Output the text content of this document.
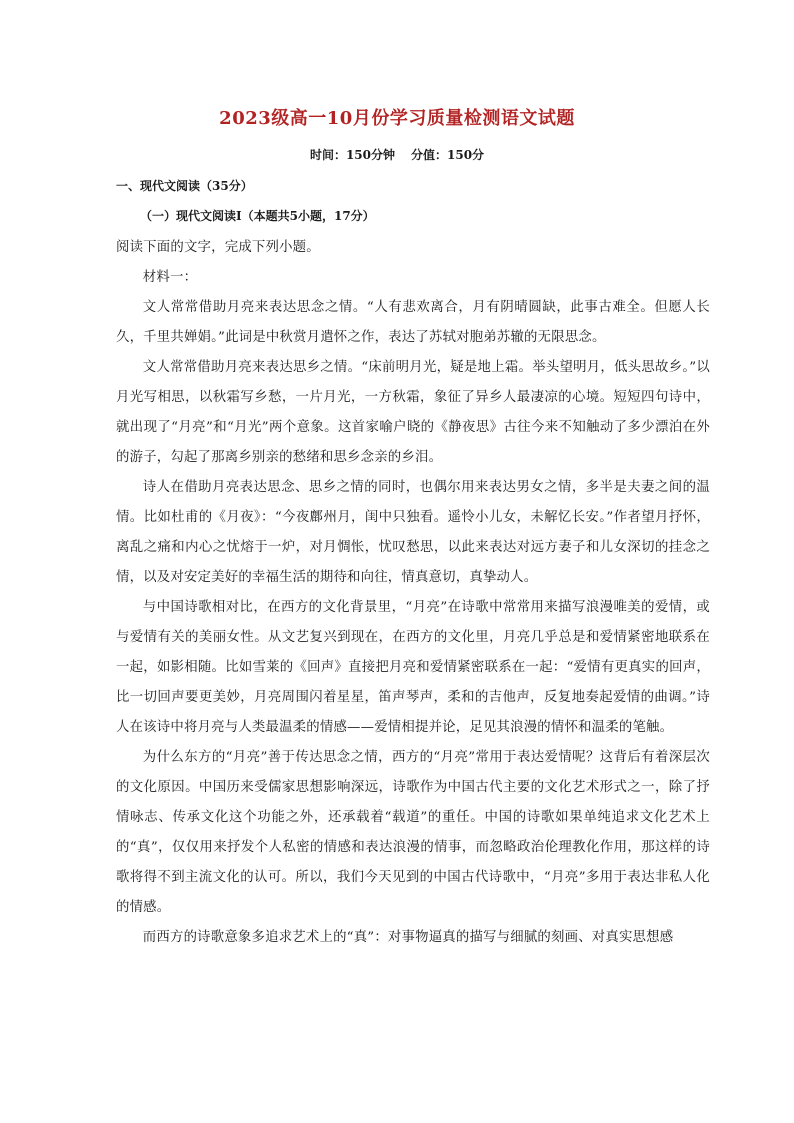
2023级高一10月份学习质量检测语文试题
时间：150分钟 分值：150分
一、现代文阅读（35分）
（一）现代文阅读Ⅰ（本题共5小题，17分）

阅读下面的文字，完成下列小题。

材料一：

文人常常借助月亮来表达思念之情。“人有悲欢离合，月有阴晴圆缺，此事古难全。但愿人长久，千里共婵娟。”此词是中秋赏月遣怀之作，表达了苏轼对胞弟苏辙的无限思念。

文人常常借助月亮来表达思乡之情。“床前明月光，疑是地上霜。举头望明月，低头思故乡。”以月光写相思，以秋霜写乡愁，一片月光，一方秋霜，象征了异乡人最凄凉的心境。短短四句诗中，就出现了“月亮”和“月光”两个意象。这首家喻户晓的《静夜思》古往今来不知触动了多少漂泊在外的游子，勾起了那离乡别亲的愁绪和思乡念亲的乡泪。

诗人在借助月亮表达思念、思乡之情的同时，也偶尔用来表达男女之情，多半是夫妻之间的温情。比如杜甫的《月夜》：“今夜鄜州月，闺中只独看。遥怜小儿女，未解忆长安。”作者望月抒怀，离乱之痛和内心之忧熔于一炉，对月惆怅，忧叹愁思，以此来表达对远方妻子和儿女深切的挂念之情，以及对安定美好的幸福生活的期待和向往，情真意切，真挚动人。

与中国诗歌相对比，在西方的文化背景里，“月亮”在诗歌中常常用来描写浪漫唯美的爱情，或与爱情有关的美丽女性。从文艺复兴到现在，在西方的文化里，月亮几乎总是和爱情紧密地联系在一起，如影相随。比如雪莱的《回声》直接把月亮和爱情紧密联系在一起：“爱情有更真实的回声，比一切回声要更美妙，月亮周围闪着星星，笛声琴声，柔和的吉他声，反复地奏起爱情的曲调。”诗人在该诗中将月亮与人类最温柔的情感——爱情相提并论，足见其浪漫的情怀和温柔的笔触。

为什么东方的“月亮”善于传达思念之情，西方的“月亮”常用于表达爱情呢？这背后有着深层次的文化原因。中国历来受儒家思想影响深远，诗歌作为中国古代主要的文化艺术形式之一，除了抒情咏志、传承文化这个功能之外，还承载着“载道”的重任。中国的诗歌如果单纯追求文化艺术上的“真”，仅仅用来抒发个人私密的情感和表达浪漫的情事，而忽略政治伦理教化作用，那这样的诗歌将得不到主流文化的认可。所以，我们今天见到的中国古代诗歌中，“月亮”多用于表达非私人化的情感。

而西方的诗歌意象多追求艺术上的“真”：对事物逼真的描写与细腻的刻画、对真实思想感
